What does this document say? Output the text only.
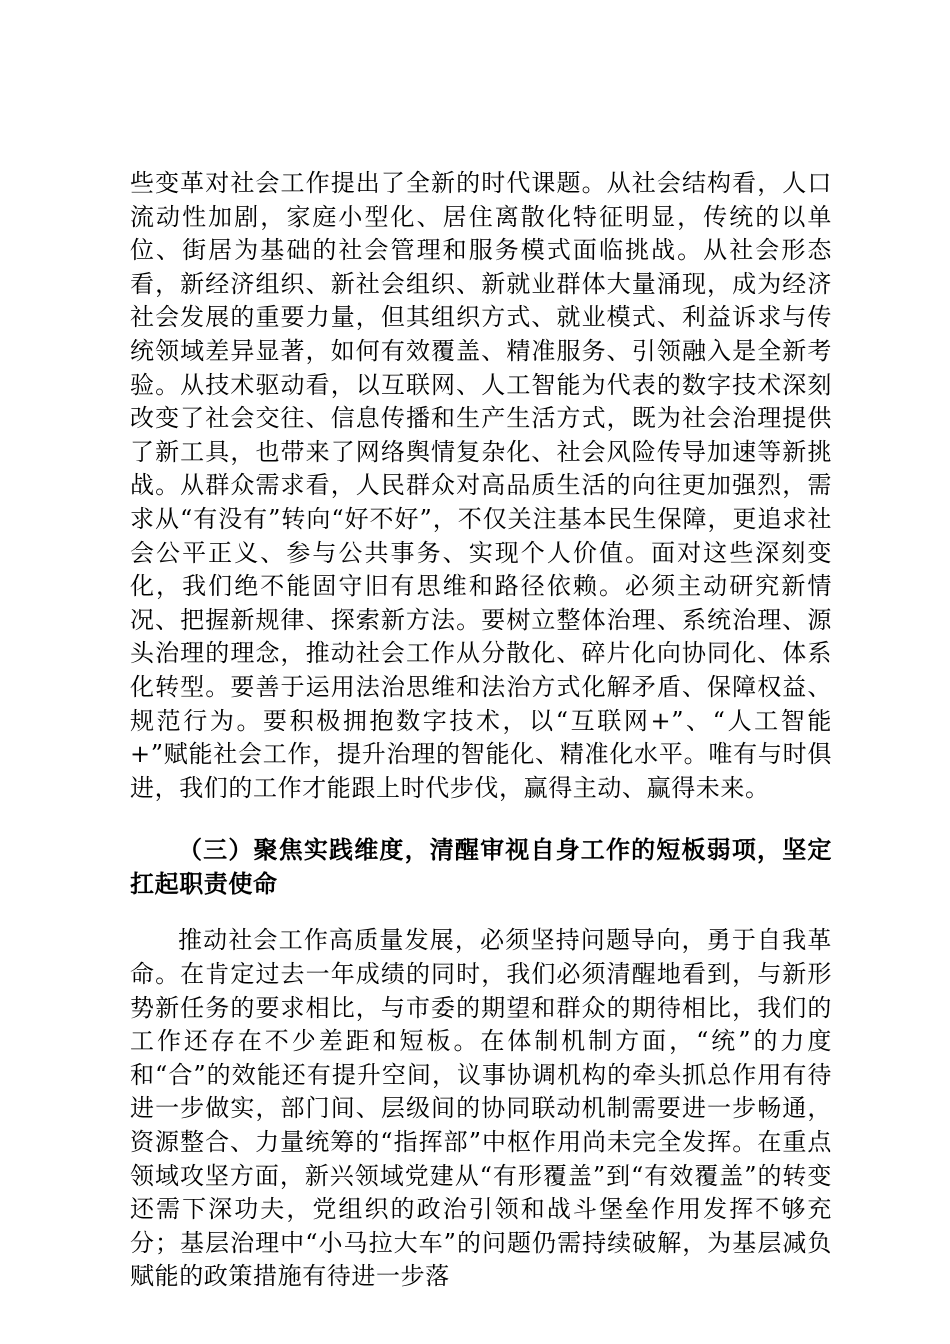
些变革对社会工作提出了全新的时代课题。从社会结构看，人口流动性加剧，家庭小型化、居住离散化特征明显，传统的以单位、街居为基础的社会管理和服务模式面临挑战。从社会形态看，新经济组织、新社会组织、新就业群体大量涌现，成为经济社会发展的重要力量，但其组织方式、就业模式、利益诉求与传统领域差异显著，如何有效覆盖、精准服务、引领融入是全新考验。从技术驱动看，以互联网、人工智能为代表的数字技术深刻改变了社会交往、信息传播和生产生活方式，既为社会治理提供了新工具，也带来了网络舆情复杂化、社会风险传导加速等新挑战。从群众需求看，人民群众对高品质生活的向往更加强烈，需求从“有没有”转向“好不好”，不仅关注基本民生保障，更追求社会公平正义、参与公共事务、实现个人价值。面对这些深刻变化，我们绝不能固守旧有思维和路径依赖。必须主动研究新情况、把握新规律、探索新方法。要树立整体治理、系统治理、源头治理的理念，推动社会工作从分散化、碎片化向协同化、体系化转型。要善于运用法治思维和法治方式化解矛盾、保障权益、规范行为。要积极拥抱数字技术，以“互联网+”、“人工智能+”赋能社会工作，提升治理的智能化、精准化水平。唯有与时俱进，我们的工作才能跟上时代步伐，赢得主动、赢得未来。

（三）聚焦实践维度，清醒审视自身工作的短板弱项，坚定扛起职责使命

推动社会工作高质量发展，必须坚持问题导向，勇于自我革命。在肯定过去一年成绩的同时，我们必须清醒地看到，与新形势新任务的要求相比，与市委的期望和群众的期待相比，我们的工作还存在不少差距和短板。在体制机制方面，“统”的力度和“合”的效能还有提升空间，议事协调机构的牵头抓总作用有待进一步做实，部门间、层级间的协同联动机制需要进一步畅通，资源整合、力量统筹的“指挥部”中枢作用尚未完全发挥。在重点领域攻坚方面，新兴领域党建从“有形覆盖”到“有效覆盖”的转变还需下深功夫，党组织的政治引领和战斗堡垒作用发挥不够充分；基层治理中“小马拉大车”的问题仍需持续破解，为基层减负赋能的政策措施有待进一步落
